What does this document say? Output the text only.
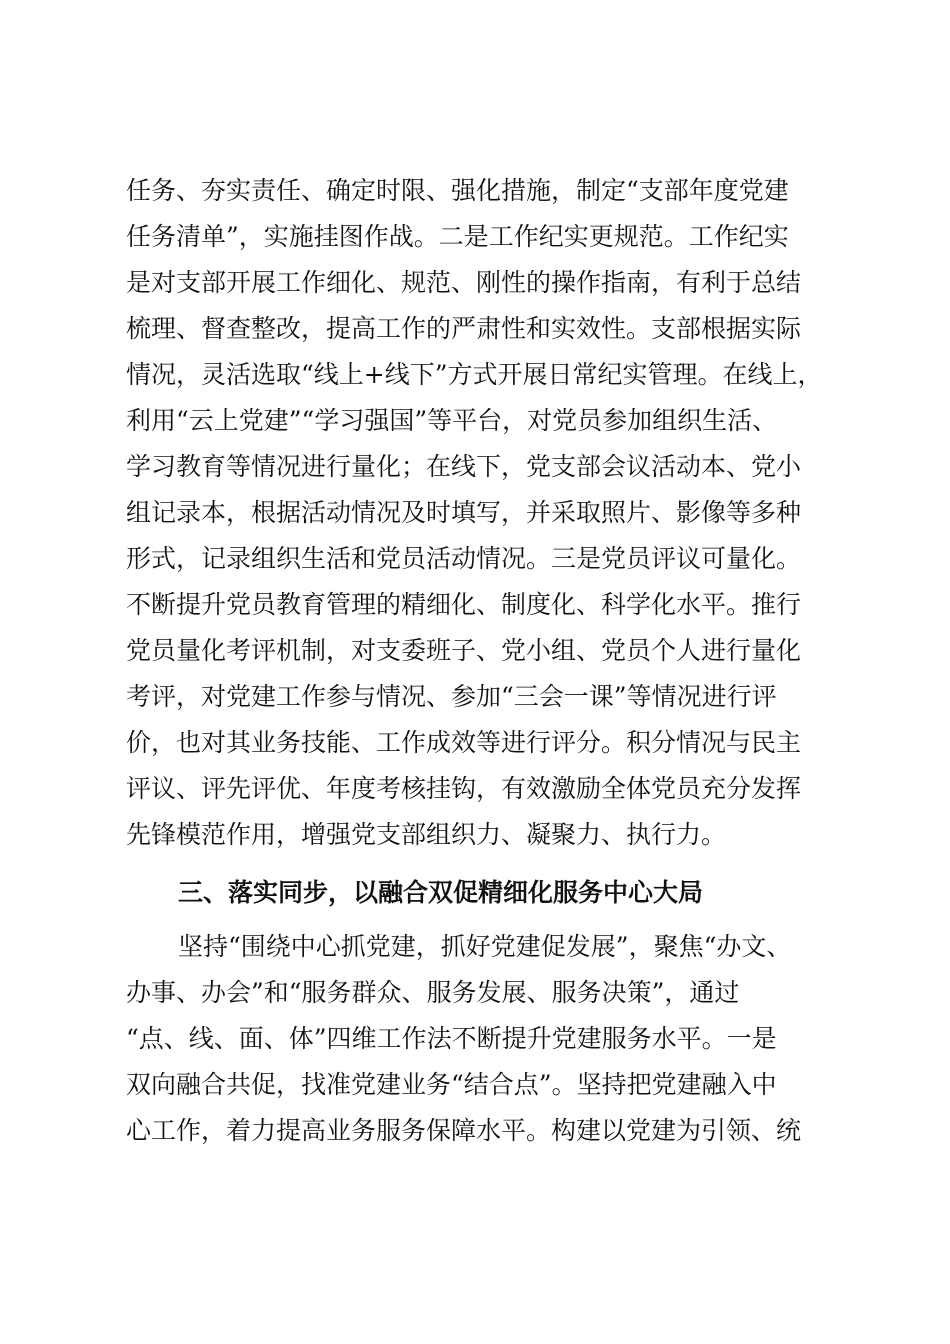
任务、夯实责任、确定时限、强化措施，制定“支部年度党建
任务清单”，实施挂图作战。二是工作纪实更规范。工作纪实
是对支部开展工作细化、规范、刚性的操作指南，有利于总结
梳理、督查整改，提高工作的严肃性和实效性。支部根据实际
情况，灵活选取“线上+线下”方式开展日常纪实管理。在线上，
利用“云上党建”“学习强国”等平台，对党员参加组织生活、
学习教育等情况进行量化；在线下，党支部会议活动本、党小
组记录本，根据活动情况及时填写，并采取照片、影像等多种
形式，记录组织生活和党员活动情况。三是党员评议可量化。
不断提升党员教育管理的精细化、制度化、科学化水平。推行
党员量化考评机制，对支委班子、党小组、党员个人进行量化
考评，对党建工作参与情况、参加“三会一课”等情况进行评
价，也对其业务技能、工作成效等进行评分。积分情况与民主
评议、评先评优、年度考核挂钩，有效激励全体党员充分发挥
先锋模范作用，增强党支部组织力、凝聚力、执行力。
三、落实同步，以融合双促精细化服务中心大局
坚持“围绕中心抓党建，抓好党建促发展”，聚焦“办文、
办事、办会”和“服务群众、服务发展、服务决策”，通过
“点、线、面、体”四维工作法不断提升党建服务水平。一是
双向融合共促，找准党建业务“结合点”。坚持把党建融入中
心工作，着力提高业务服务保障水平。构建以党建为引领、统
